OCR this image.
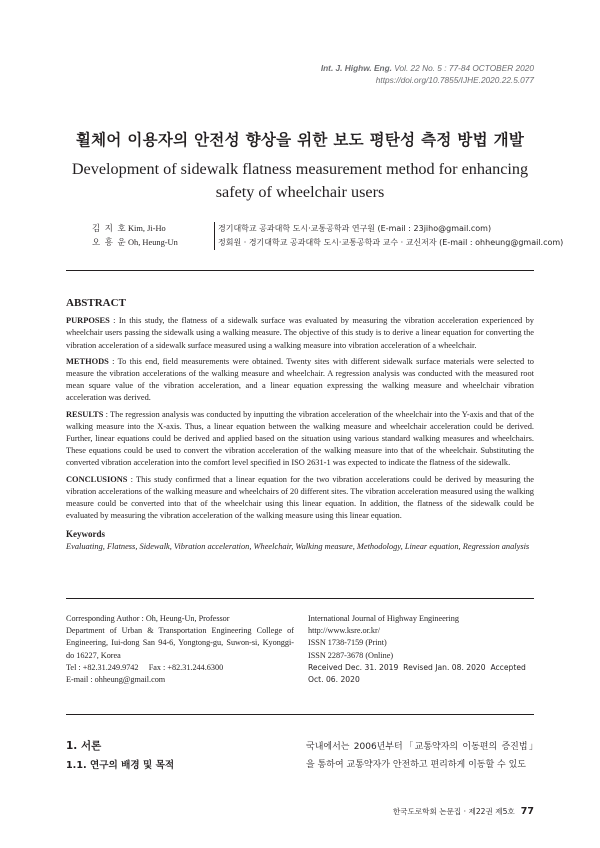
Int. J. Highw. Eng. Vol. 22 No. 5 : 77-84 OCTOBER 2020
https://doi.org/10.7855/IJHE.2020.22.5.077
휠체어 이용자의 안전성 향상을 위한 보도 평탄성 측정 방법 개발
Development of sidewalk flatness measurement method for enhancing safety of wheelchair users
김 지 호 Kim, Ji-Ho	경기대학교 공과대학 도시·교통공학과 연구원 (E-mail : 23jiho@gmail.com)
오 흥 운 Oh, Heung-Un	정회원 · 경기대학교 공과대학 도시·교통공학과 교수 · 교신저자 (E-mail : ohheung@gmail.com)
ABSTRACT

PURPOSES : In this study, the flatness of a sidewalk surface was evaluated by measuring the vibration acceleration experienced by wheelchair users passing the sidewalk using a walking measure. The objective of this study is to derive a linear equation for converting the vibration acceleration of a sidewalk surface measured using a walking measure into vibration acceleration of a wheelchair.

METHODS : To this end, field measurements were obtained. Twenty sites with different sidewalk surface materials were selected to measure the vibration accelerations of the walking measure and wheelchair. A regression analysis was conducted with the measured root mean square value of the vibration acceleration, and a linear equation expressing the walking measure and wheelchair vibration acceleration was derived.

RESULTS : The regression analysis was conducted by inputting the vibration acceleration of the wheelchair into the Y-axis and that of the walking measure into the X-axis. Thus, a linear equation between the walking measure and wheelchair acceleration could be derived. Further, linear equations could be derived and applied based on the situation using various standard walking measures and wheelchairs. These equations could be used to convert the vibration acceleration of the walking measure into that of the wheelchair. Substituting the converted vibration acceleration into the comfort level specified in ISO 2631-1 was expected to indicate the flatness of the sidewalk.

CONCLUSIONS : This study confirmed that a linear equation for the two vibration accelerations could be derived by measuring the vibration accelerations of the walking measure and wheelchairs of 20 different sites. The vibration acceleration measured using the walking measure could be converted into that of the wheelchair using this linear equation. In addition, the flatness of the sidewalk could be evaluated by measuring the vibration acceleration of the walking measure using this linear equation.

Keywords
Evaluating, Flatness, Sidewalk, Vibration acceleration, Wheelchair, Walking measure, Methodology, Linear equation, Regression analysis
Corresponding Author : Oh, Heung-Un, Professor
Department of Urban & Transportation Engineering College of Engineering, Iui-dong San 94-6, Yongtong-gu, Suwon-si, Kyonggi-do 16227, Korea
Tel : +82.31.249.9742     Fax : +82.31.244.6300
E-mail : ohheung@gmail.com
International Journal of Highway Engineering
http://www.ksre.or.kr/
ISSN 1738-7159 (Print)
ISSN 2287-3678 (Online)
Received Dec. 31. 2019 Revised Jan. 08. 2020 Accepted Oct. 06. 2020
1. 서론
1.1. 연구의 배경 및 목적
국내에서는 2006년부터「교통약자의 이동편의 증진법」을 통하여 교통약자가 안전하고 편리하게 이동할 수 있도
한국도로학회 논문집 · 제22권 제5호 77
